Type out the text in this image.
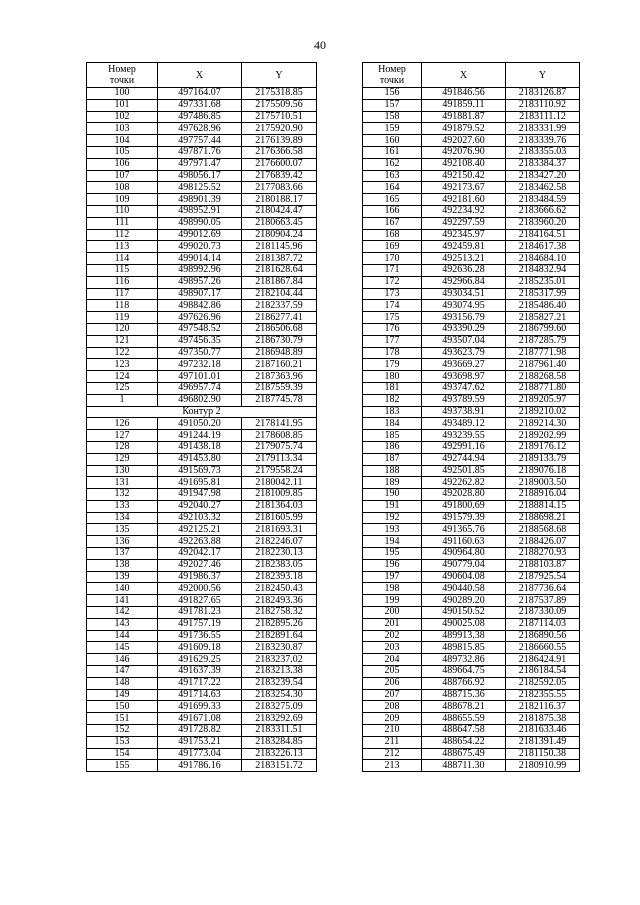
40
Номер
точки	X	Y
100	497164.07	2175318.85
101	497331.68	2175509.56
102	497486.85	2175710.51
103	497628.96	2175920.90
104	497757.44	2176139.89
105	497871.76	2176366.58
106	497971.47	2176600.07
107	498056.17	2176839.42
108	498125.52	2177083.66
109	498901.39	2180188.17
110	498952.91	2180424.47
111	498990.05	2180663.45
112	499012.69	2180904.24
113	499020.73	2181145.96
114	499014.14	2181387.72
115	498992.96	2181628.64
116	498957.26	2181867.84
117	498907.17	2182104.44
118	498842.86	2182337.59
119	497626.96	2186277.41
120	497548.52	2186506.68
121	497456.35	2186730.79
122	497350.77	2186948.89
123	497232.18	2187160.21
124	497101.01	2187363.96
125	496957.74	2187559.39
1	496802.90	2187745.78
Контур 2		
126	491050.20	2178141.95
127	491244.19	2178608.85
128	491438.18	2179075.74
129	491453.80	2179113.34
130	491569.73	2179558.24
131	491695.81	2180042.11
132	491947.98	2181009.85
133	492040.27	2181364.03
134	492103.32	2181605.99
135	492125.21	2181693.31
136	492263.88	2182246.07
137	492042.17	2182230.13
138	492027.46	2182383.05
139	491986.37	2182393.18
140	492000.56	2182450.43
141	491827.65	2182493.36
142	491781.23	2182758.32
143	491757.19	2182895.26
144	491736.55	2182891.64
145	491609.18	2183230.87
146	491629.25	2183237.02
147	491637.39	2183213.38
148	491717.22	2183239.54
149	491714.63	2183254.30
150	491699.33	2183275.09
151	491671.08	2183292.69
152	491728.82	2183311.51
153	491753.21	2183284.85
154	491773.04	2183226.13
155	491786.16	2183151.72
Номер
точки	X	Y
156	491846.56	2183126.87
157	491859.11	2183110.92
158	491881.87	2183111.12
159	491879.52	2183331.99
160	492027.60	2183339.76
161	492076.90	2183355.03
162	492108.40	2183384.37
163	492150.42	2183427.20
164	492173.67	2183462.58
165	492181.60	2183484.59
166	492234.92	2183666.62
167	492297.59	2183960.20
168	492345.97	2184164.51
169	492459.81	2184617.38
170	492513.21	2184684.10
171	492636.28	2184832.94
172	492966.84	2185235.01
173	493034.51	2185317.99
174	493074.95	2185486.40
175	493156.79	2185827.21
176	493390.29	2186799.60
177	493507.04	2187285.79
178	493623.79	2187771.98
179	493669.27	2187961.40
180	493698.97	2188268.58
181	493747.62	2188771.80
182	493789.59	2189205.97
183	493738.91	2189210.02
184	493489.12	2189214.30
185	493239.55	2189202.99
186	492991.16	2189176.12
187	492744.94	2189133.79
188	492501.85	2189076.18
189	492262.82	2189003.50
190	492028.80	2188916.04
191	491800.69	2188814.15
192	491579.39	2188698.21
193	491365.76	2188568.68
194	491160.63	2188426.07
195	490964.80	2188270.93
196	490779.04	2188103.87
197	490604.08	2187925.54
198	490440.58	2187736.64
199	490289.20	2187537.89
200	490150.52	2187330.09
201	490025.08	2187114.03
202	489913.38	2186890.56
203	489815.85	2186660.55
204	489732.86	2186424.91
205	489664.75	2186184.54
206	488766.92	2182592.05
207	488715.36	2182355.55
208	488678.21	2182116.37
209	488655.59	2181875.38
210	488647.58	2181633.46
211	488654.22	2181391.49
212	488675.49	2181150.38
213	488711.30	2180910.99
